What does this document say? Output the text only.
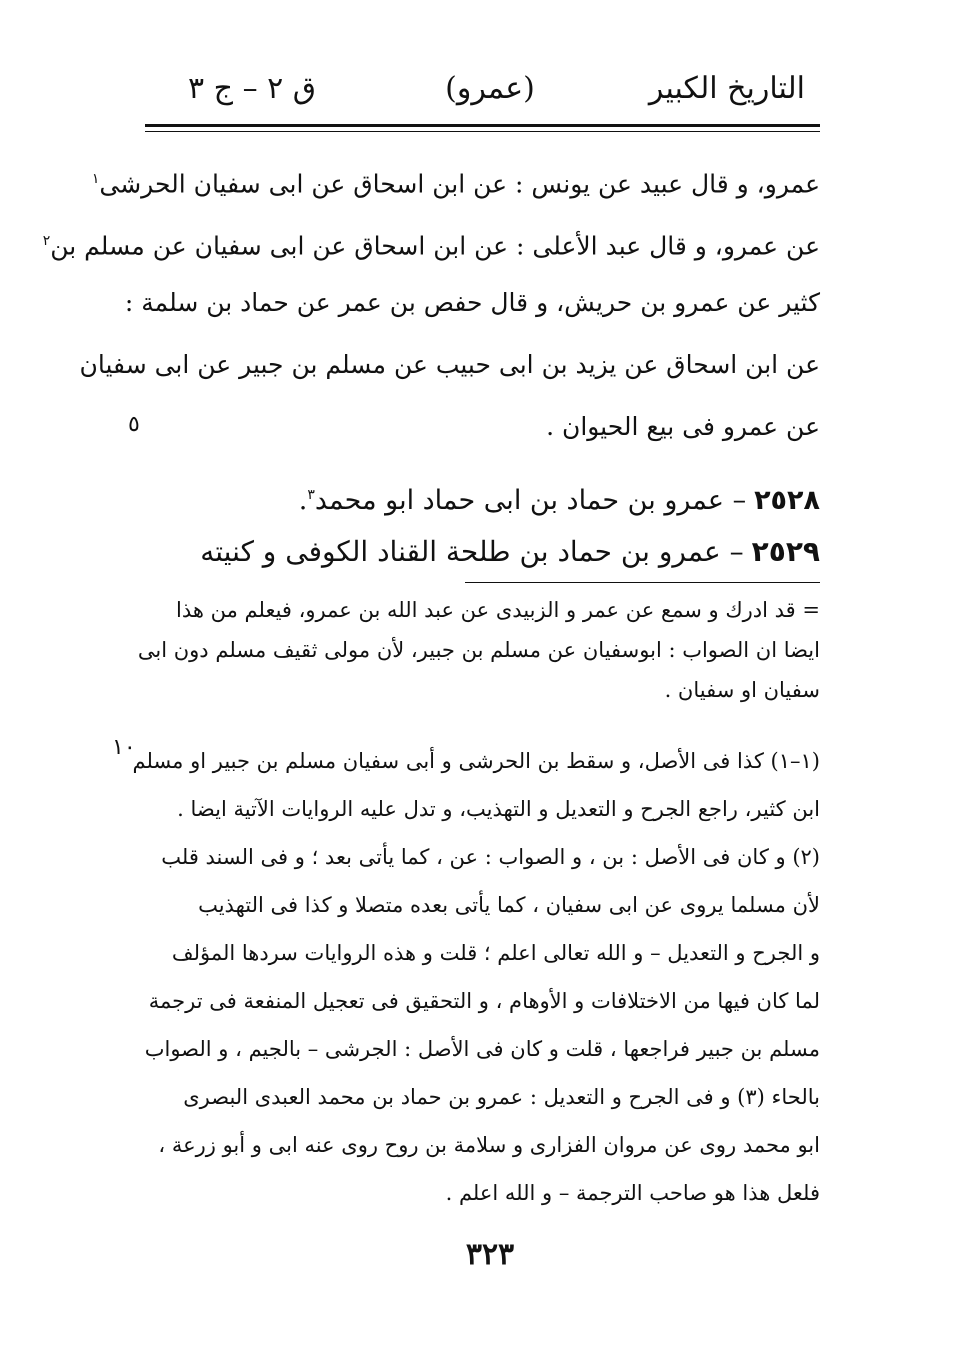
التاريخ الكبير
(عمرو)
ق ٢ – ج ٣
عمرو، و قال عبيد عن يونس : عن ابن اسحاق عن ابى سفيان الحرشى$^١$
عن عمرو، و قال عبد الأعلى : عن ابن اسحاق عن ابى سفيان عن مسلم بن$^٢$
كثير عن عمرو بن حريش، و قال حفص بن عمر عن حماد بن سلمة :
عن ابن اسحاق عن يزيد بن ابى حبيب عن مسلم بن جبير عن ابى سفيان
عن عمرو فى بيع الحيوان .
٥
٢٥٢٨– عمرو بن حماد بن ابى حماد ابو محمد$^٣$.
٢٥٢٩– عمرو بن حماد بن طلحة القناد الكوفى و كنيته
= قد ادرك و سمع عن عمر و الزبيدى عن عبد الله بن عمرو، فيعلم من هذا
ايضا ان الصواب : ابوسفيان عن مسلم بن جبير، لأن مولى ثقيف مسلم دون ابى
سفيان او سفيان .
١٠
(١–١) كذا فى الأصل، و سقط بن الحرشى و أبى سفيان مسلم بن جبير او مسلم
ابن كثير، راجع الجرح و التعديل و التهذيب، و تدل عليه الروايات الآتية ايضا .
(٢) و كان فى الأصل : بن ، و الصواب : عن ، كما يأتى بعد ؛ و فى السند قلب
لأن مسلما يروى عن ابى سفيان ، كما يأتى بعده متصلا و كذا فى التهذيب
و الجرح و التعديل – و الله تعالى اعلم ؛ قلت و هذه الروايات سردها المؤلف
لما كان فيها من الاختلافات و الأوهام ، و التحقيق فى تعجيل المنفعة فى ترجمة
مسلم بن جبير فراجعها ، قلت و كان فى الأصل : الجرشى – بالجيم ، و الصواب
بالحاء (٣) و فى الجرح و التعديل : عمرو بن حماد بن محمد العبدى البصرى
ابو محمد روى عن مروان الفزارى و سلامة بن روح روى عنه ابى و أبو زرعة ،
فلعل هذا هو صاحب الترجمة – و الله اعلم .
٣٢٣
